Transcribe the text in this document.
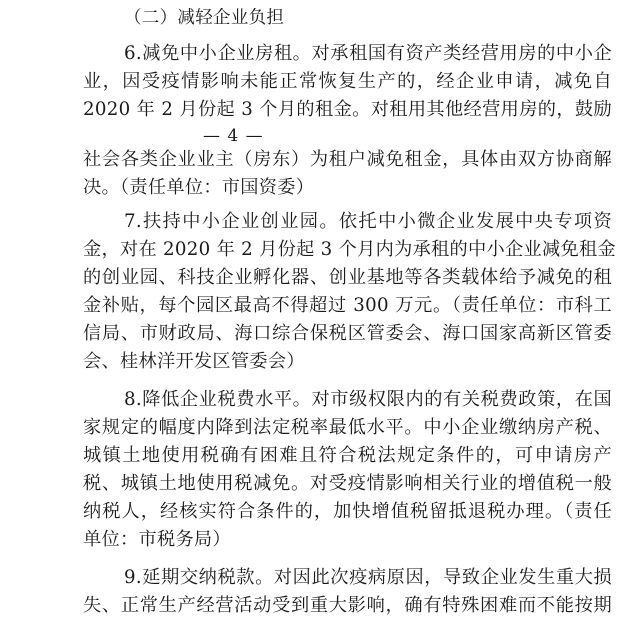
（二）减轻企业负担
6.减免中小企业房租。对承租国有资产类经营用房的中小企
业，因受疫情影响未能正常恢复生产的，经企业申请，减免自
2020 年 2 月份起 3 个月的租金。对租用其他经营用房的，鼓励
— 4 —
社会各类企业业主（房东）为租户减免租金，具体由双方协商解
决。（责任单位：市国资委）
7.扶持中小企业创业园。依托中小微企业发展中央专项资
金，对在 2020 年 2 月份起 3 个月内为承租的中小企业减免租金
的创业园、科技企业孵化器、创业基地等各类载体给予减免的租
金补贴，每个园区最高不得超过 300 万元。（责任单位：市科工
信局、市财政局、海口综合保税区管委会、海口国家高新区管委
会、桂林洋开发区管委会）
8.降低企业税费水平。对市级权限内的有关税费政策，在国
家规定的幅度内降到法定税率最低水平。中小企业缴纳房产税、
城镇土地使用税确有困难且符合税法规定条件的，可申请房产
税、城镇土地使用税减免。对受疫情影响相关行业的增值税一般
纳税人，经核实符合条件的，加快增值税留抵退税办理。（责任
单位：市税务局）
9.延期交纳税款。对因此次疫病原因，导致企业发生重大损
失、正常生产经营活动受到重大影响，确有特殊困难而不能按期
